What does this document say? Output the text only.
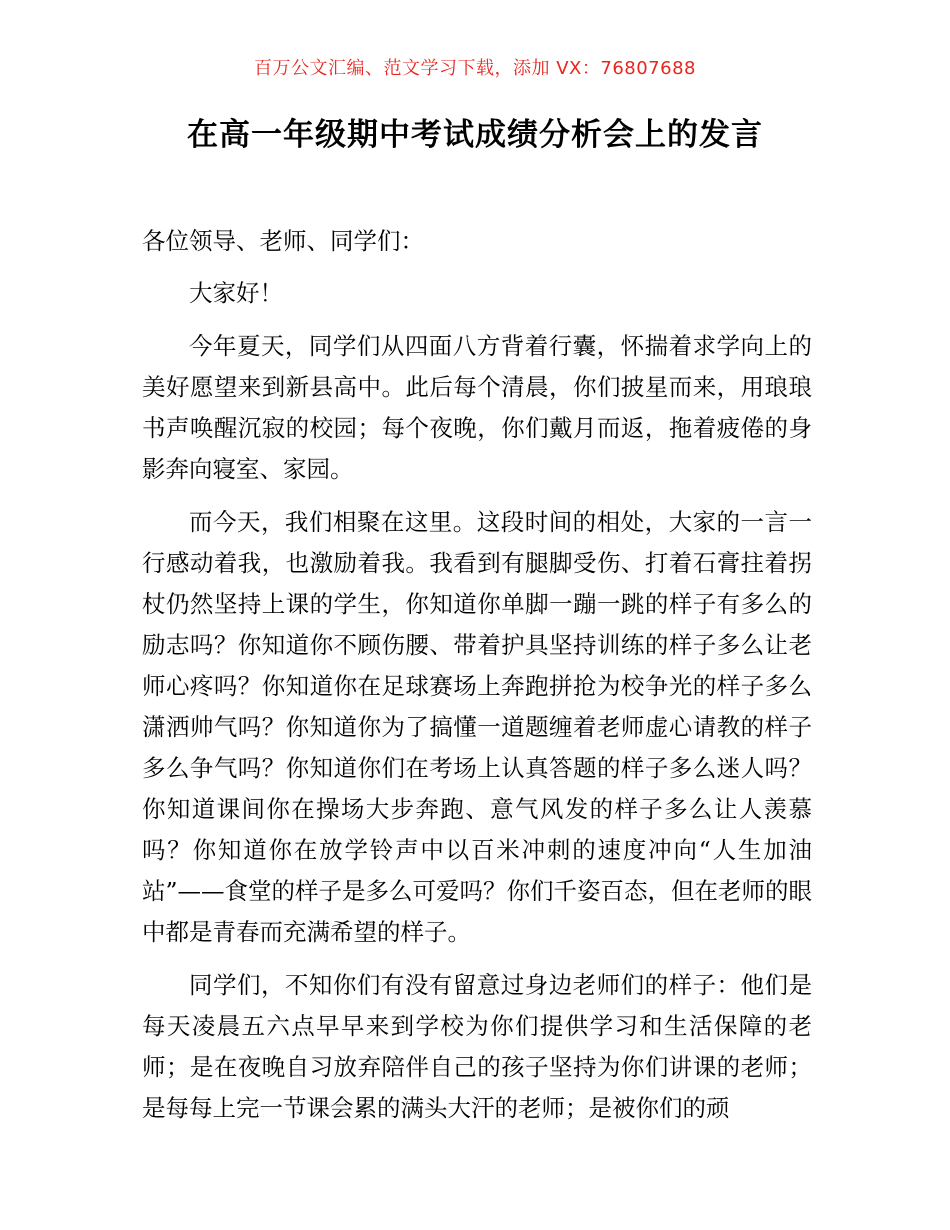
百万公文汇编、范文学习下载，添加 VX：76807688
在高一年级期中考试成绩分析会上的发言

各位领导、老师、同学们：

大家好！

今年夏天，同学们从四面八方背着行囊，怀揣着求学向上的美好愿望来到新县高中。此后每个清晨，你们披星而来，用琅琅书声唤醒沉寂的校园；每个夜晚，你们戴月而返，拖着疲倦的身影奔向寝室、家园。

而今天，我们相聚在这里。这段时间的相处，大家的一言一行感动着我，也激励着我。我看到有腿脚受伤、打着石膏拄着拐杖仍然坚持上课的学生，你知道你单脚一蹦一跳的样子有多么的励志吗？你知道你不顾伤腰、带着护具坚持训练的样子多么让老师心疼吗？你知道你在足球赛场上奔跑拼抢为校争光的样子多么潇洒帅气吗？你知道你为了搞懂一道题缠着老师虚心请教的样子多么争气吗？你知道你们在考场上认真答题的样子多么迷人吗？你知道课间你在操场大步奔跑、意气风发的样子多么让人羡慕吗？你知道你在放学铃声中以百米冲刺的速度冲向“人生加油站”——食堂的样子是多么可爱吗？你们千姿百态，但在老师的眼中都是青春而充满希望的样子。

同学们，不知你们有没有留意过身边老师们的样子：他们是每天凌晨五六点早早来到学校为你们提供学习和生活保障的老师；是在夜晚自习放弃陪伴自己的孩子坚持为你们讲课的老师；是每每上完一节课会累的满头大汗的老师；是被你们的顽
